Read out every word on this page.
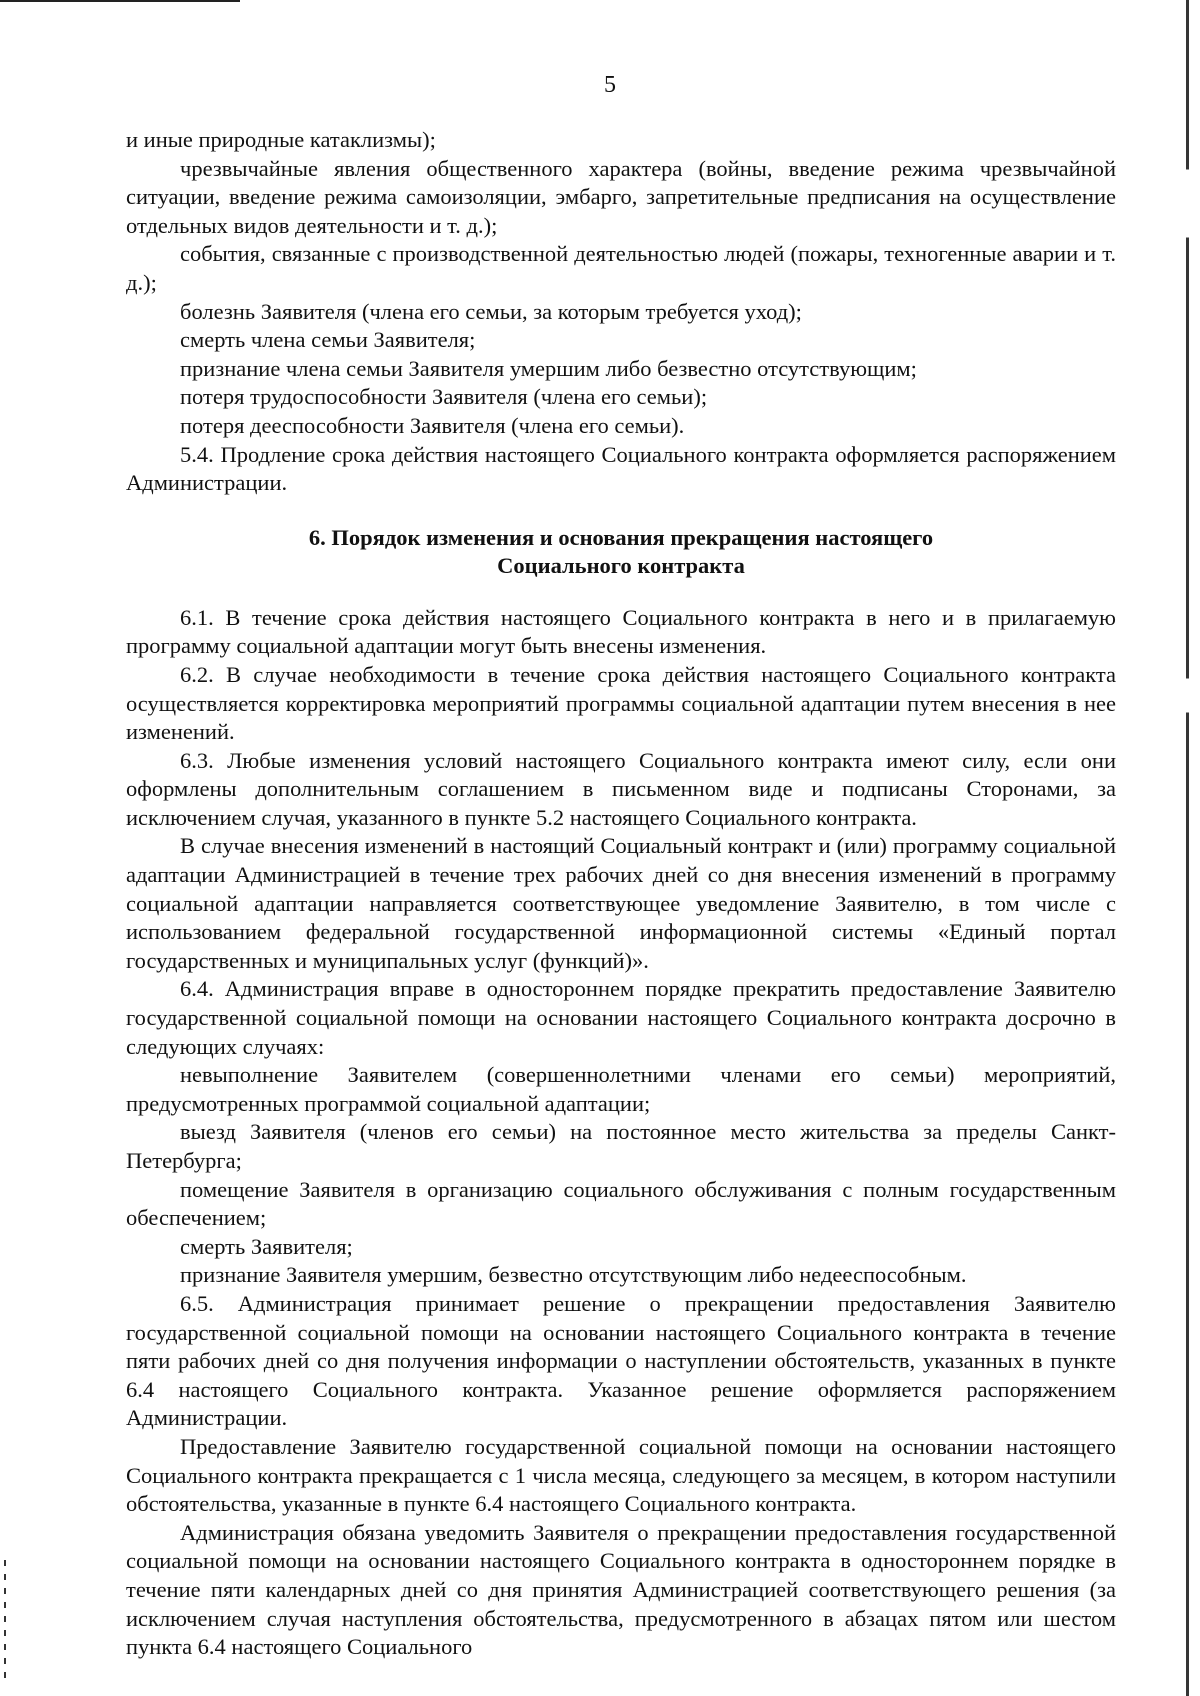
5

и иные природные катаклизмы);

чрезвычайные явления общественного характера (войны, введение режима чрезвычайной ситуации, введение режима самоизоляции, эмбарго, запретительные предписания на осуществление отдельных видов деятельности и т. д.);

события, связанные с производственной деятельностью людей (пожары, техногенные аварии и т. д.);

болезнь Заявителя (члена его семьи, за которым требуется уход);

смерть члена семьи Заявителя;

признание члена семьи Заявителя умершим либо безвестно отсутствующим;

потеря трудоспособности Заявителя (члена его семьи);

потеря дееспособности Заявителя (члена его семьи).

5.4. Продление срока действия настоящего Социального контракта оформляется распоряжением Администрации.

6. Порядок изменения и основания прекращения настоящего
Социального контракта

6.1. В течение срока действия настоящего Социального контракта в него и в прилагаемую программу социальной адаптации могут быть внесены изменения.

6.2. В случае необходимости в течение срока действия настоящего Социального контракта осуществляется корректировка мероприятий программы социальной адаптации путем внесения в нее изменений.

6.3. Любые изменения условий настоящего Социального контракта имеют силу, если они оформлены дополнительным соглашением в письменном виде и подписаны Сторонами, за исключением случая, указанного в пункте 5.2 настоящего Социального контракта.

В случае внесения изменений в настоящий Социальный контракт и (или) программу социальной адаптации Администрацией в течение трех рабочих дней со дня внесения изменений в программу социальной адаптации направляется соответствующее уведомление Заявителю, в том числе с использованием федеральной государственной информационной системы «Единый портал государственных и муниципальных услуг (функций)».

6.4. Администрация вправе в одностороннем порядке прекратить предоставление Заявителю государственной социальной помощи на основании настоящего Социального контракта досрочно в следующих случаях:

невыполнение Заявителем (совершеннолетними членами его семьи) мероприятий, предусмотренных программой социальной адаптации;

выезд Заявителя (членов его семьи) на постоянное место жительства за пределы Санкт-Петербурга;

помещение Заявителя в организацию социального обслуживания с полным государственным обеспечением;

смерть Заявителя;

признание Заявителя умершим, безвестно отсутствующим либо недееспособным.

6.5. Администрация принимает решение о прекращении предоставления Заявителю государственной социальной помощи на основании настоящего Социального контракта в течение пяти рабочих дней со дня получения информации о наступлении обстоятельств, указанных в пункте 6.4 настоящего Социального контракта. Указанное решение оформляется распоряжением Администрации.

Предоставление Заявителю государственной социальной помощи на основании настоящего Социального контракта прекращается с 1 числа месяца, следующего за месяцем, в котором наступили обстоятельства, указанные в пункте 6.4 настоящего Социального контракта.

Администрация обязана уведомить Заявителя о прекращении предоставления государственной социальной помощи на основании настоящего Социального контракта в одностороннем порядке в течение пяти календарных дней со дня принятия Администрацией соответствующего решения (за исключением случая наступления обстоятельства, предусмотренного в абзацах пятом или шестом пункта 6.4 настоящего Социального
